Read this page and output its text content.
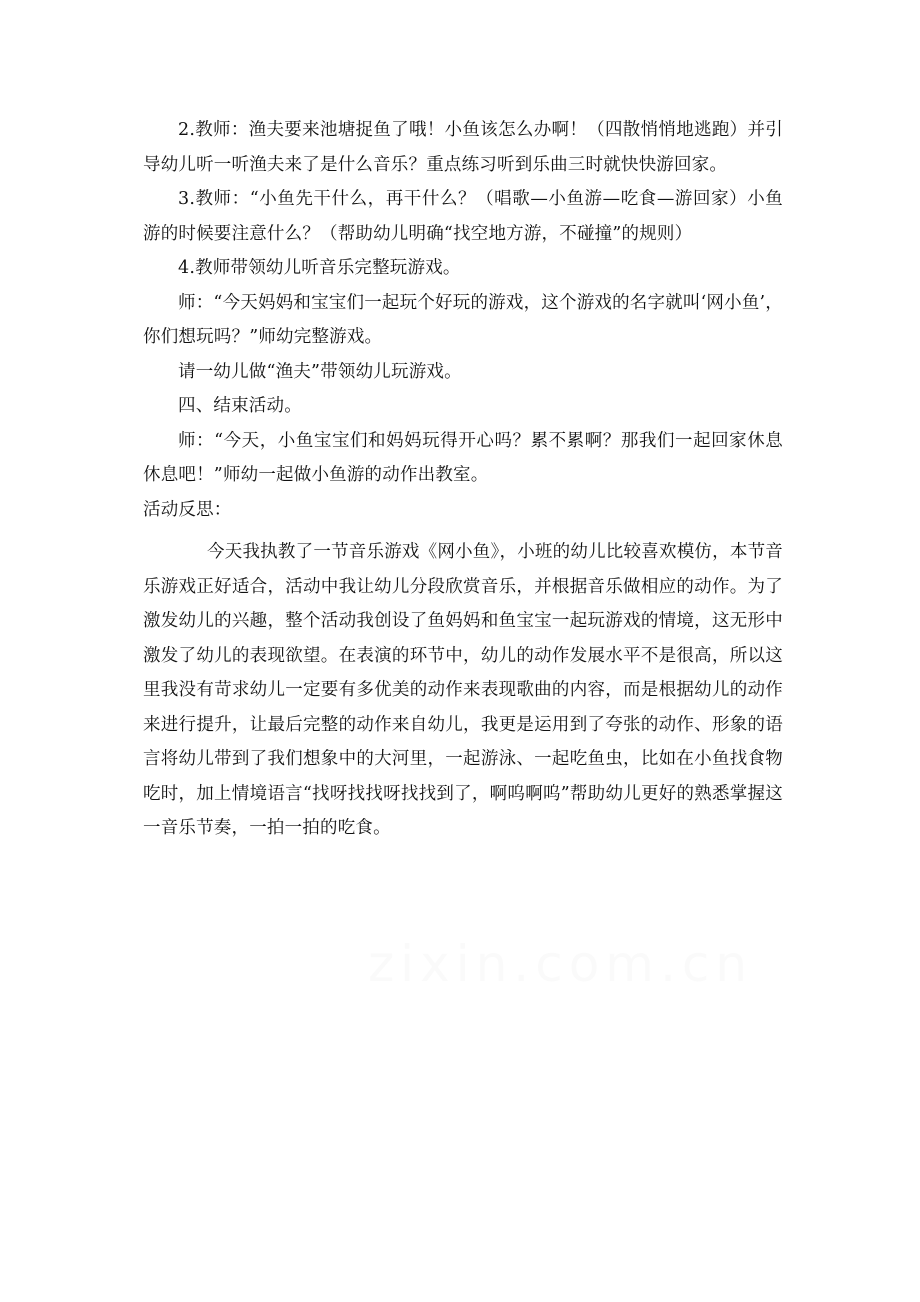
2.教师：渔夫要来池塘捉鱼了哦！小鱼该怎么办啊！（四散悄悄地逃跑）并引导幼儿听一听渔夫来了是什么音乐？重点练习听到乐曲三时就快快游回家。

3.教师：“小鱼先干什么，再干什么？（唱歌—小鱼游—吃食—游回家）小鱼游的时候要注意什么？（帮助幼儿明确“找空地方游，不碰撞”的规则）

4.教师带领幼儿听音乐完整玩游戏。

师：“今天妈妈和宝宝们一起玩个好玩的游戏，这个游戏的名字就叫‘网小鱼’，你们想玩吗？”师幼完整游戏。

请一幼儿做“渔夫”带领幼儿玩游戏。

四、结束活动。

师：“今天，小鱼宝宝们和妈妈玩得开心吗？累不累啊？那我们一起回家休息休息吧！”师幼一起做小鱼游的动作出教室。

活动反思：

今天我执教了一节音乐游戏《网小鱼》，小班的幼儿比较喜欢模仿，本节音乐游戏正好适合，活动中我让幼儿分段欣赏音乐，并根据音乐做相应的动作。为了激发幼儿的兴趣，整个活动我创设了鱼妈妈和鱼宝宝一起玩游戏的情境，这无形中激发了幼儿的表现欲望。在表演的环节中，幼儿的动作发展水平不是很高，所以这里我没有苛求幼儿一定要有多优美的动作来表现歌曲的内容，而是根据幼儿的动作来进行提升，让最后完整的动作来自幼儿，我更是运用到了夸张的动作、形象的语言将幼儿带到了我们想象中的大河里，一起游泳、一起吃鱼虫，比如在小鱼找食物吃时，加上情境语言“找呀找找呀找找到了，啊呜啊呜”帮助幼儿更好的熟悉掌握这一音乐节奏，一拍一拍的吃食。

zixin.com.cn
